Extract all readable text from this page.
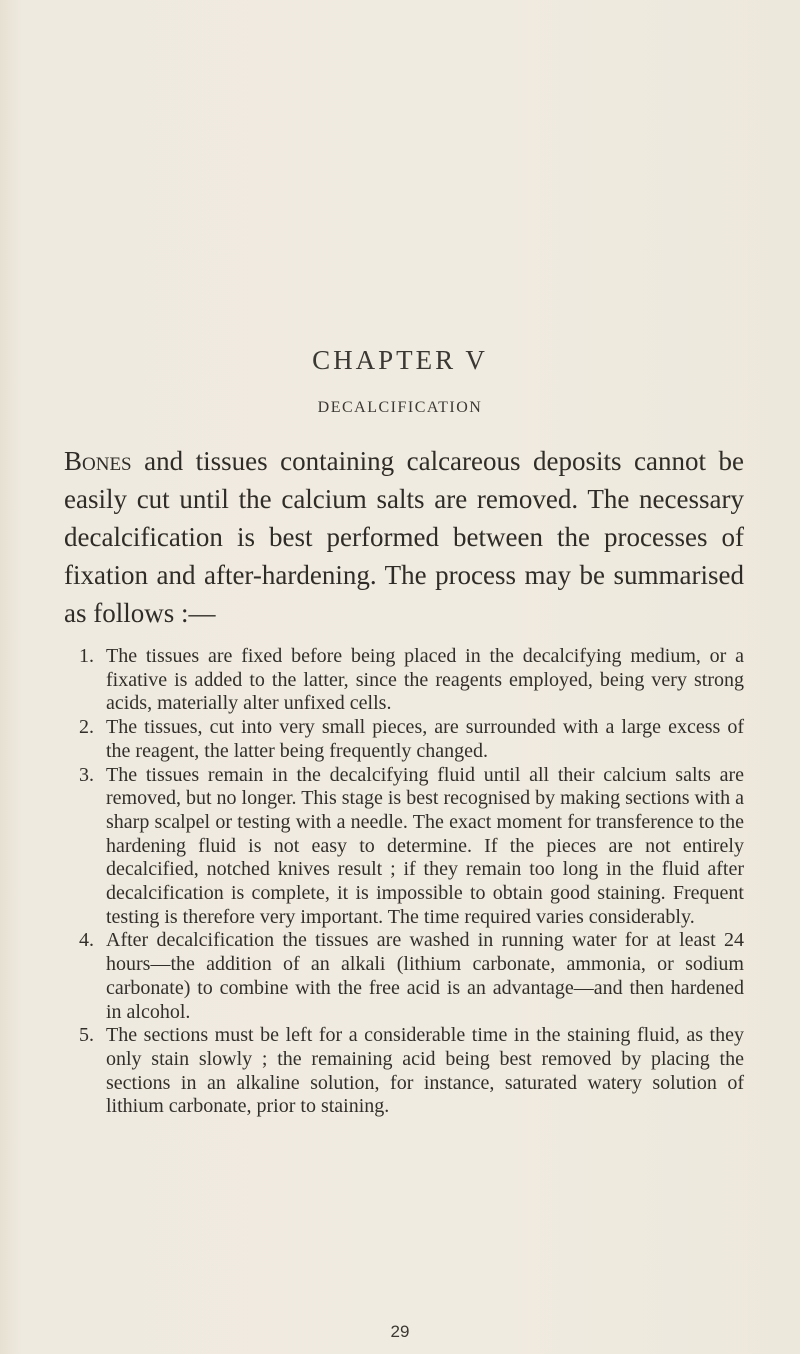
CHAPTER V
DECALCIFICATION

Bones and tissues containing calcareous deposits cannot be easily cut until the calcium salts are removed. The necessary decalcification is best performed between the processes of fixation and after-hardening. The process may be summarised as follows :—

1. The tissues are fixed before being placed in the decalcifying medium, or a fixative is added to the latter, since the reagents employed, being very strong acids, materially alter unfixed cells.
2. The tissues, cut into very small pieces, are surrounded with a large excess of the reagent, the latter being frequently changed.
3. The tissues remain in the decalcifying fluid until all their calcium salts are removed, but no longer. This stage is best recognised by making sections with a sharp scalpel or testing with a needle. The exact moment for transference to the hardening fluid is not easy to determine. If the pieces are not entirely decalcified, notched knives result ; if they remain too long in the fluid after decalcification is complete, it is impossible to obtain good staining. Frequent testing is therefore very important. The time required varies considerably.
4. After decalcification the tissues are washed in running water for at least 24 hours—the addition of an alkali (lithium carbonate, ammonia, or sodium carbonate) to combine with the free acid is an advantage—and then hardened in alcohol.
5. The sections must be left for a considerable time in the staining fluid, as they only stain slowly ; the remaining acid being best removed by placing the sections in an alkaline solution, for instance, saturated watery solution of lithium carbonate, prior to staining.
29
